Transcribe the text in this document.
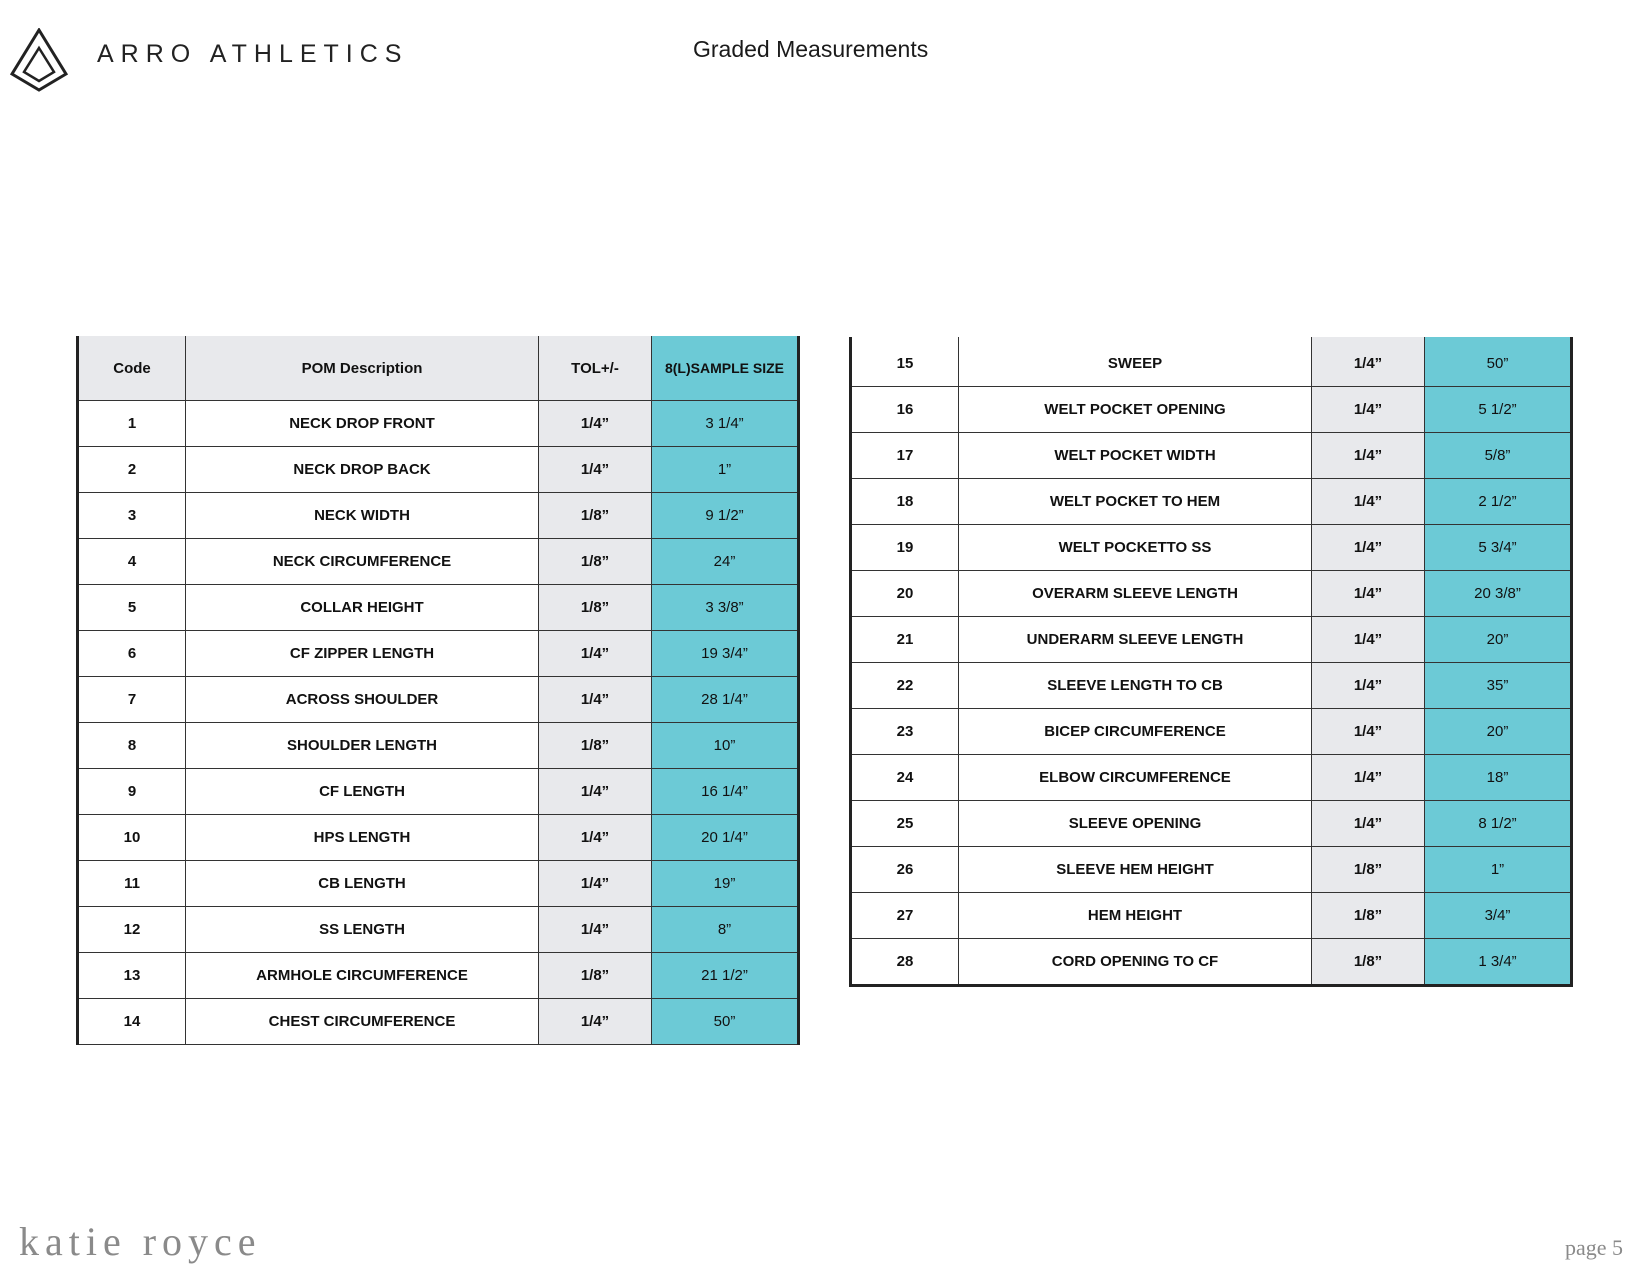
ARRO ATHLETICS	Graded Measurements
Code	POM Description	TOL+/-	8(L)SAMPLE SIZE
1	NECK DROP FRONT	1/4”	3 1/4”
2	NECK DROP BACK	1/4”	1”
3	NECK WIDTH	1/8”	9 1/2”
4	NECK CIRCUMFERENCE	1/8”	24”
5	COLLAR HEIGHT	1/8”	3 3/8”
6	CF ZIPPER LENGTH	1/4”	19 3/4”
7	ACROSS SHOULDER	1/4”	28 1/4”
8	SHOULDER LENGTH	1/8”	10”
9	CF LENGTH	1/4”	16 1/4”
10	HPS LENGTH	1/4”	20 1/4”
11	CB LENGTH	1/4”	19”
12	SS LENGTH	1/4”	8”
13	ARMHOLE CIRCUMFERENCE	1/8”	21 1/2”
14	CHEST CIRCUMFERENCE	1/4”	50”

15	SWEEP	1/4”	50”
16	WELT POCKET OPENING	1/4”	5 1/2”
17	WELT POCKET WIDTH	1/4”	5/8”
18	WELT POCKET TO HEM	1/4”	2 1/2”
19	WELT POCKETTO SS	1/4”	5 3/4”
20	OVERARM SLEEVE LENGTH	1/4”	20 3/8”
21	UNDERARM SLEEVE LENGTH	1/4”	20”
22	SLEEVE LENGTH TO CB	1/4”	35”
23	BICEP CIRCUMFERENCE	1/4”	20”
24	ELBOW CIRCUMFERENCE	1/4”	18”
25	SLEEVE OPENING	1/4”	8 1/2”
26	SLEEVE HEM HEIGHT	1/8”	1”
27	HEM HEIGHT	1/8”	3/4”
28	CORD OPENING TO CF	1/8”	1 3/4”
katie royce	page 5
